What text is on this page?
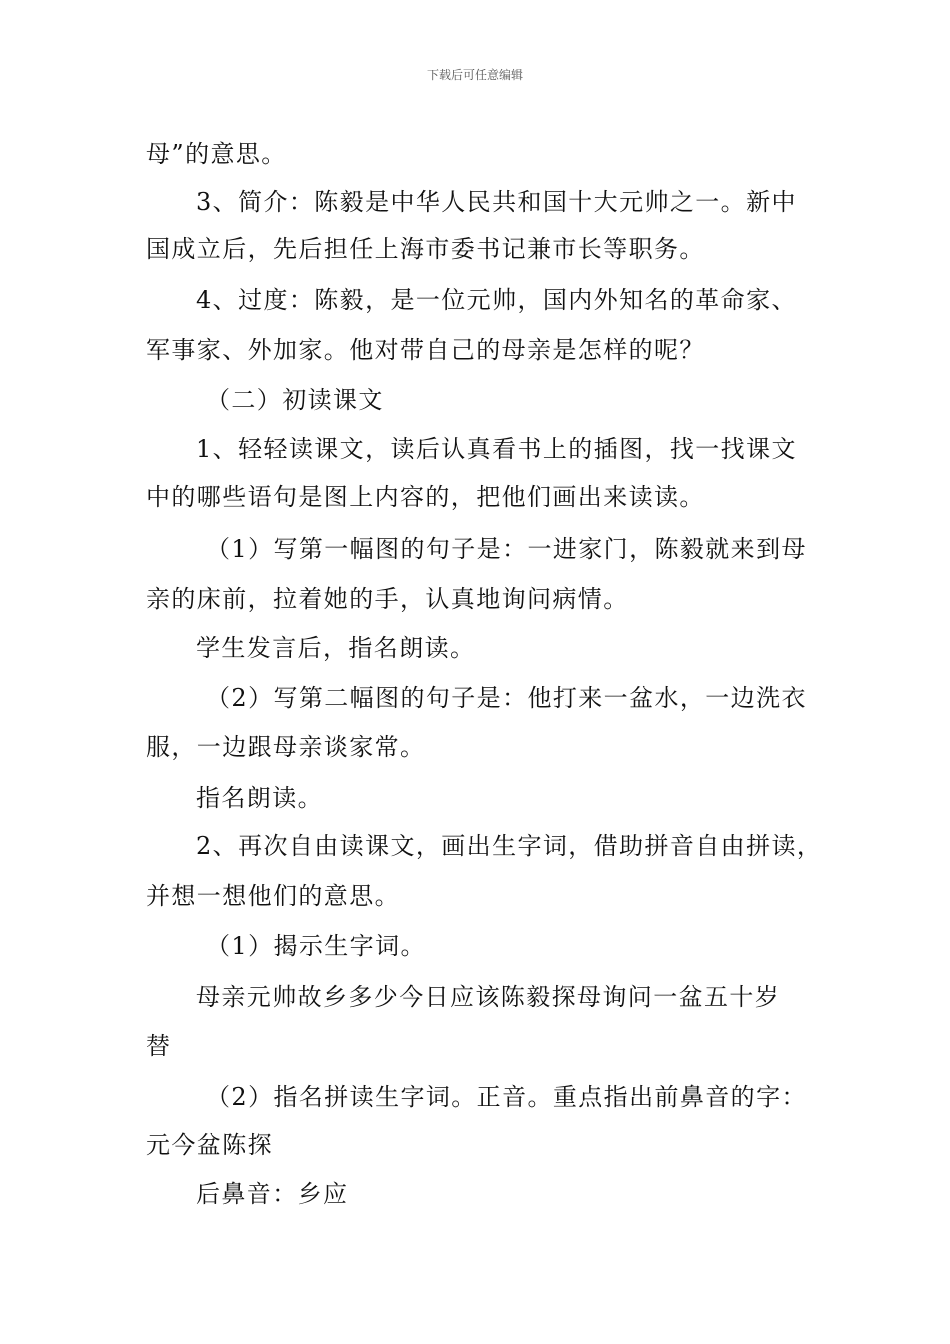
下载后可任意编辑
母”的意思。
3、简介：陈毅是中华人民共和国十大元帅之一。新中
国成立后，先后担任上海市委书记兼市长等职务。
4、过度：陈毅，是一位元帅，国内外知名的革命家、
军事家、外加家。他对带自己的母亲是怎样的呢？
（二）初读课文
1、轻轻读课文，读后认真看书上的插图，找一找课文
中的哪些语句是图上内容的，把他们画出来读读。
（1）写第一幅图的句子是：一进家门，陈毅就来到母
亲的床前，拉着她的手，认真地询问病情。
学生发言后，指名朗读。
（2）写第二幅图的句子是：他打来一盆水，一边洗衣
服，一边跟母亲谈家常。
指名朗读。
2、再次自由读课文，画出生字词，借助拼音自由拼读，
并想一想他们的意思。
（1）揭示生字词。
母亲元帅故乡多少今日应该陈毅探母询问一盆五十岁
替
（2）指名拼读生字词。正音。重点指出前鼻音的字：
元今盆陈探
后鼻音：乡应
